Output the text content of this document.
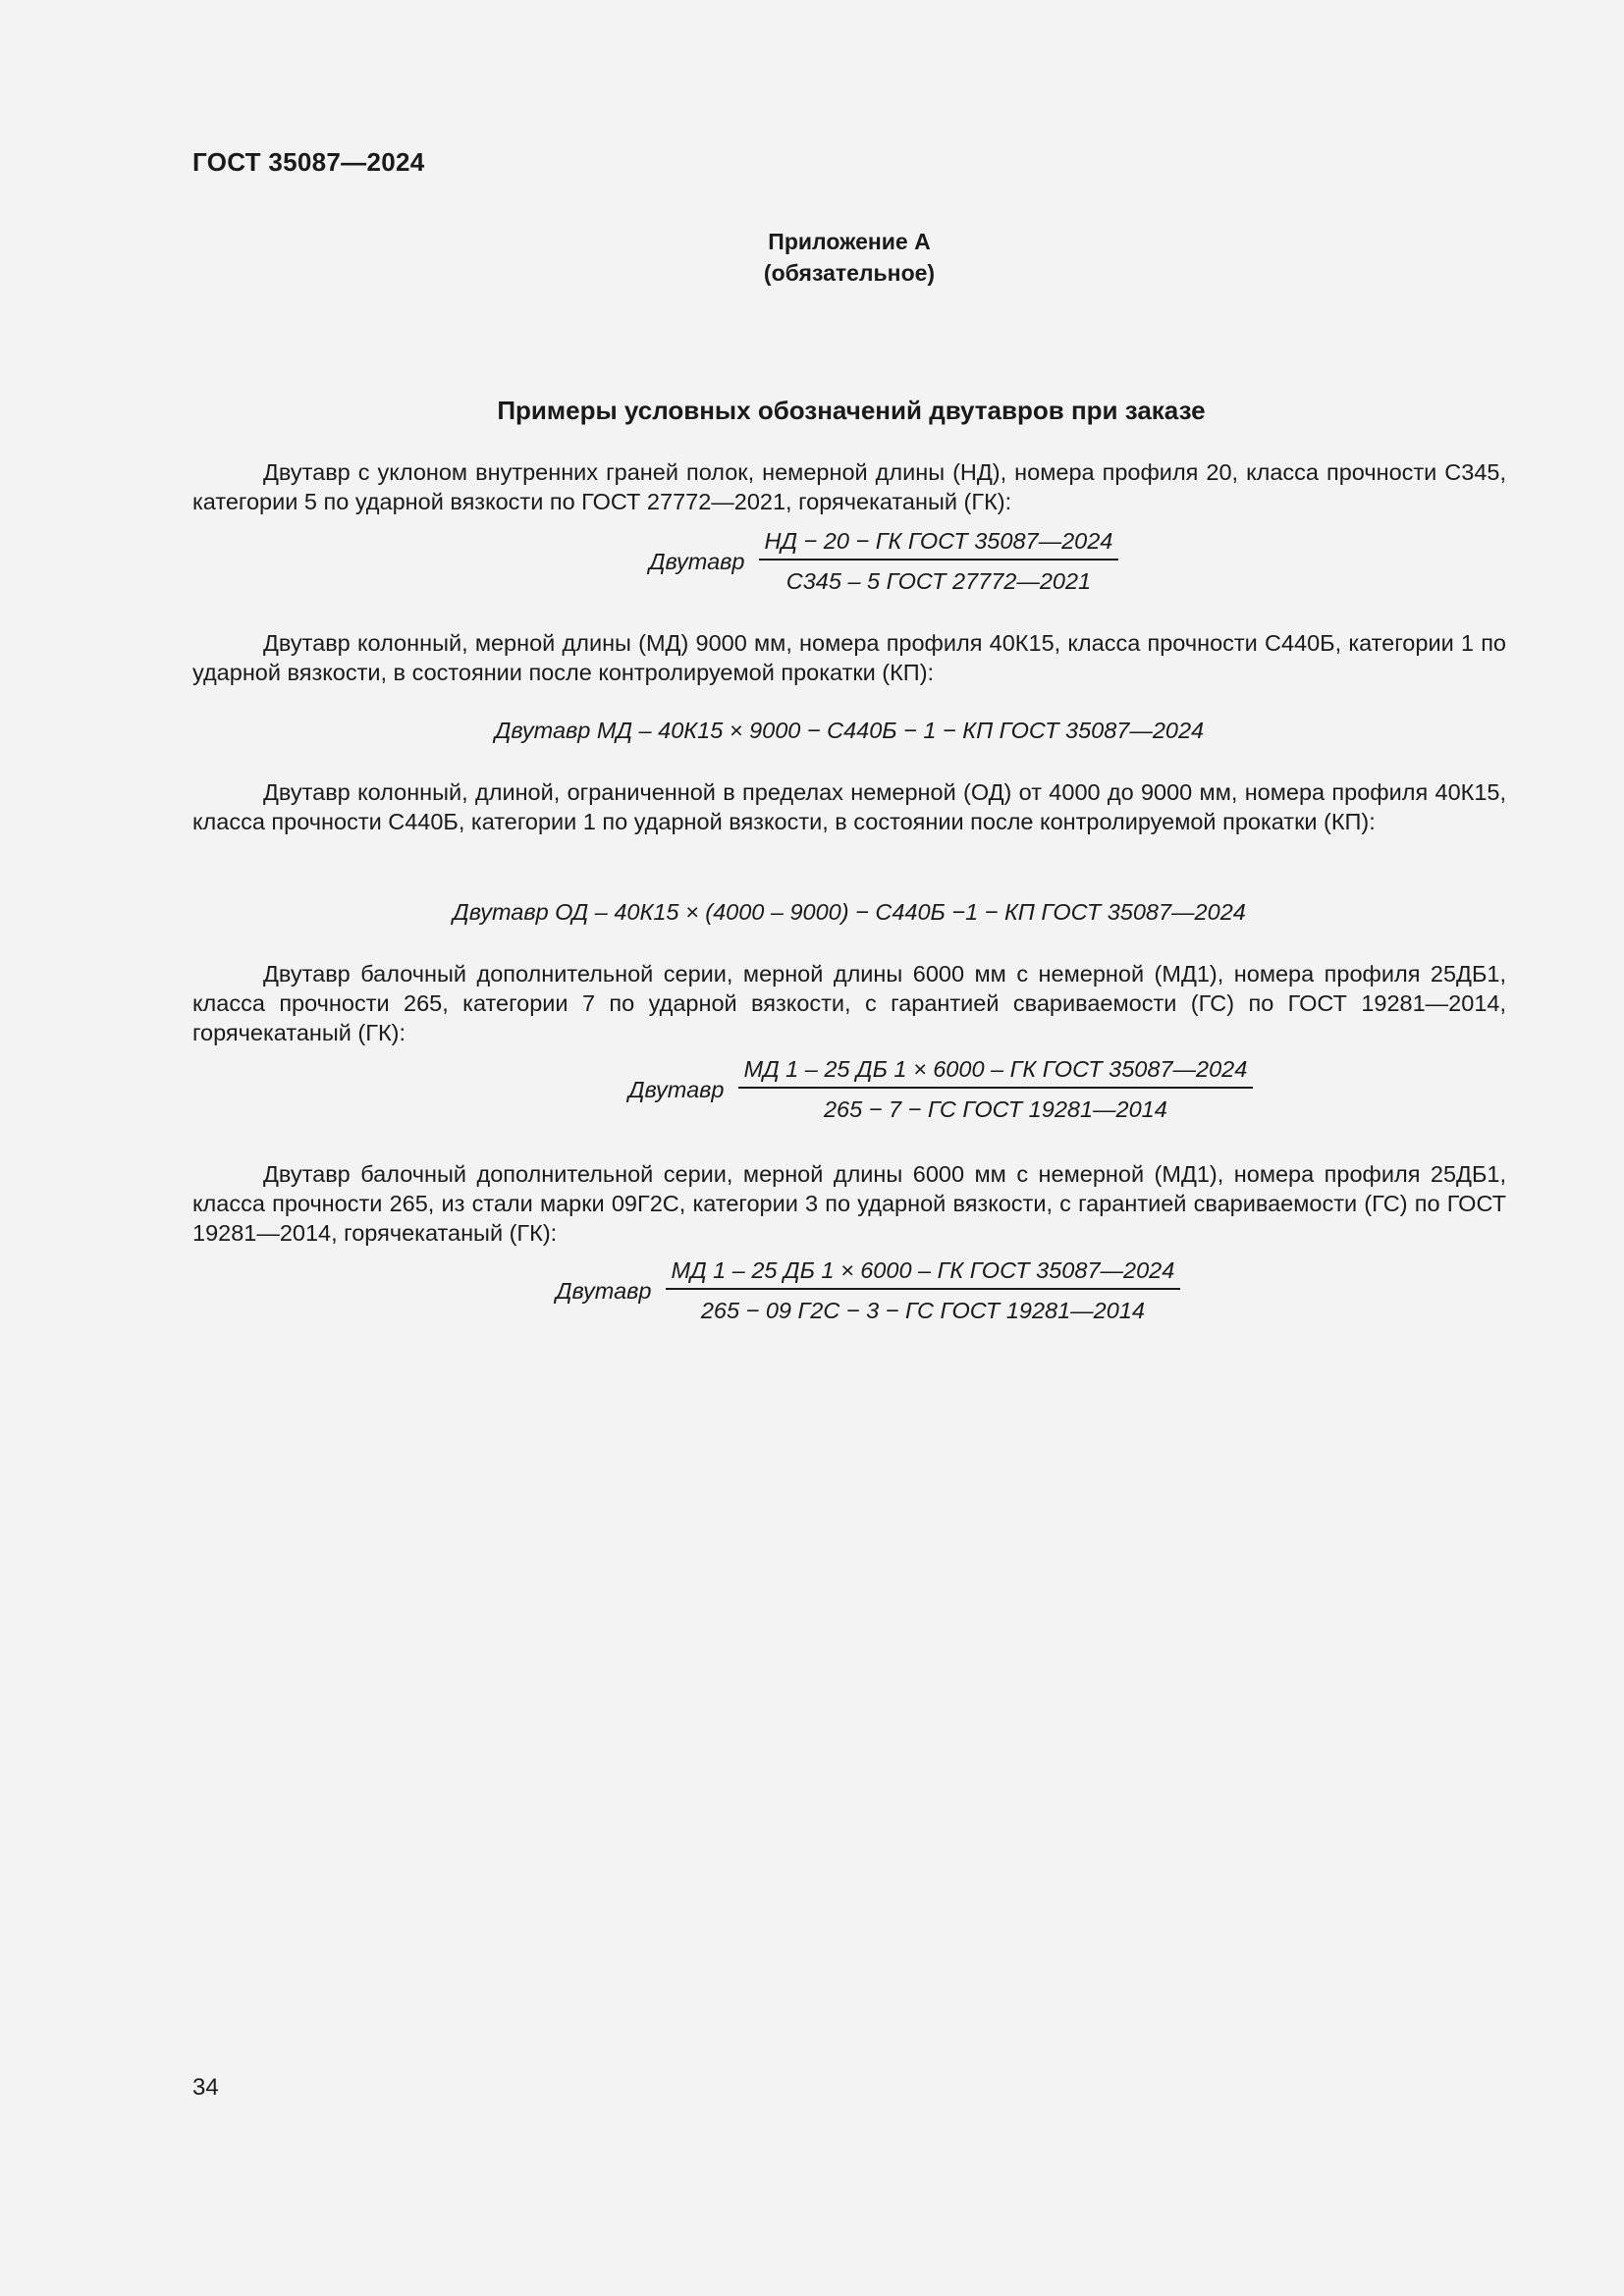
ГОСТ 35087—2024
Приложение А
(обязательное)
Примеры условных обозначений двутавров при заказе
Двутавр с уклоном внутренних граней полок, немерной длины (НД), номера профиля 20, класса прочности С345, категории 5 по ударной вязкости по ГОСТ 27772—2021, горячекатаный (ГК):
Двутавр $\frac{\text{НД − 20 − ГК ГОСТ 35087—2024}}{\text{С345 – 5 ГОСТ 27772—2021}}$
Двутавр колонный, мерной длины (МД) 9000 мм, номера профиля 40К15, класса прочности С440Б, категории 1 по ударной вязкости, в состоянии после контролируемой прокатки (КП):
Двутавр МД – 40К15 × 9000 − С440Б − 1 − КП ГОСТ 35087—2024
Двутавр колонный, длиной, ограниченной в пределах немерной (ОД) от 4000 до 9000 мм, номера профиля 40К15, класса прочности С440Б, категории 1 по ударной вязкости, в состоянии после контролируемой прокатки (КП):
Двутавр ОД – 40К15 × (4000 – 9000) − С440Б −1 − КП ГОСТ 35087—2024
Двутавр балочный дополнительной серии, мерной длины 6000 мм с немерной (МД1), номера профиля 25ДБ1, класса прочности 265, категории 7 по ударной вязкости, с гарантией свариваемости (ГС) по ГОСТ 19281—2014, горячекатаный (ГК):
Двутавр $\frac{\text{МД 1 – 25 ДБ 1 × 6000 – ГК ГОСТ 35087—2024}}{\text{265 − 7 − ГС ГОСТ 19281—2014}}$
Двутавр балочный дополнительной серии, мерной длины 6000 мм с немерной (МД1), номера профиля 25ДБ1, класса прочности 265, из стали марки 09Г2С, категории 3 по ударной вязкости, с гарантией свариваемости (ГС) по ГОСТ 19281—2014, горячекатаный (ГК):
Двутавр $\frac{\text{МД 1 – 25 ДБ 1 × 6000 – ГК ГОСТ 35087—2024}}{\text{265 − 09 Г2С − 3 − ГС ГОСТ 19281—2014}}$
34
